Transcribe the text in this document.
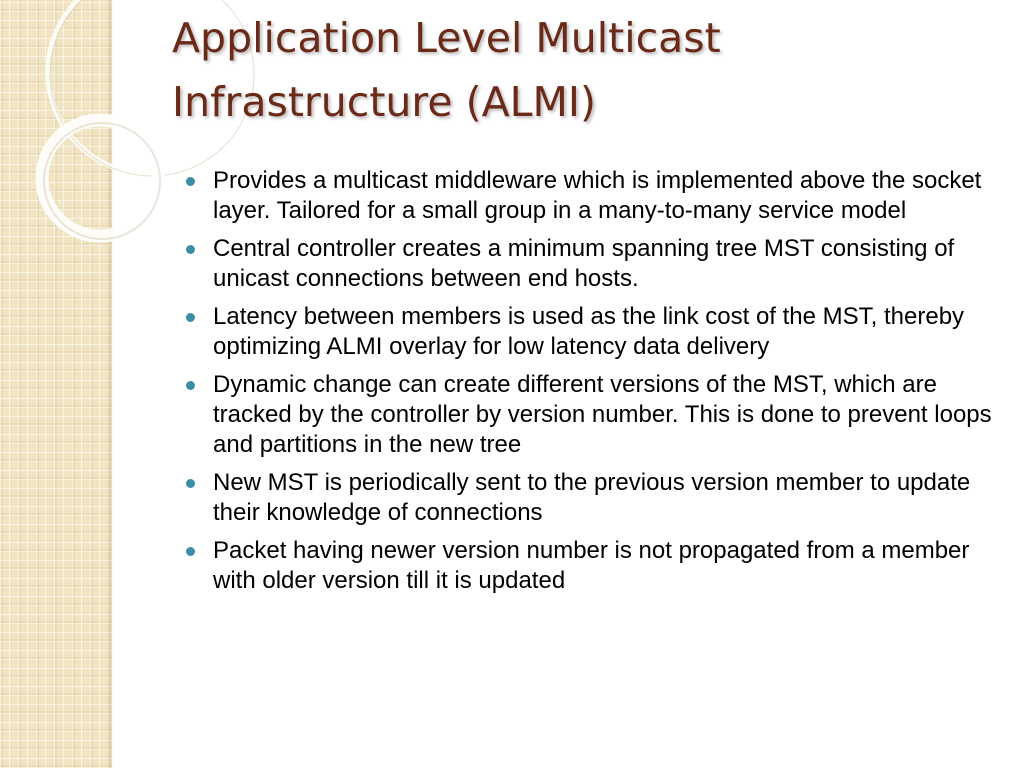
Application Level Multicast
Infrastructure (ALMI)
Provides a multicast middleware which is implemented above the socket layer. Tailored for a small group in a many-to-many service model
Central controller creates a minimum spanning tree MST consisting of unicast connections between end hosts.
Latency between members is used as the link cost of the MST, thereby optimizing ALMI overlay for low latency data delivery
Dynamic change can create different versions of the MST, which are tracked by the controller by version number. This is done to prevent loops and partitions in the new tree
New MST is periodically sent to the previous version member to update their knowledge of connections
Packet having newer version number is not propagated from a member with older version till it is updated
